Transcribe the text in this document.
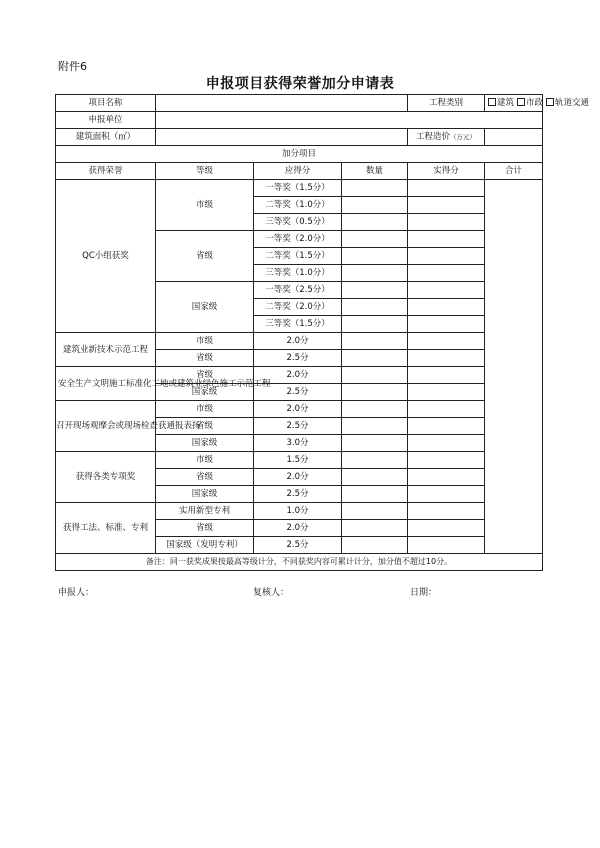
附件6
申报项目获得荣誉加分申请表
项目名称				工程类别	建筑 市政 轨道交通
申报单位					
建筑面积（㎡）				工程造价（万元）	
加分项目					
获得荣誉	等级	应得分	数量	实得分	合计
QC小组获奖	市级	一等奖（1.5分）			
		二等奖（1.0分）			
		三等奖（0.5分）			
	省级	一等奖（2.0分）			
		二等奖（1.5分）			
		三等奖（1.0分）			
	国家级	一等奖（2.5分）			
		二等奖（2.0分）			
		三等奖（1.5分）			
建筑业新技术示范工程	市级	2.0分			
	省级	2.5分			
安全生产文明施工标准化工地或建筑业绿色施工示范工程	省级	2.0分			
	国家级	2.5分			
召开现场观摩会或现场检查获通报表扬	市级	2.0分			
	省级	2.5分			
	国家级	3.0分			
获得各类专项奖	市级	1.5分			
	省级	2.0分			
	国家级	2.5分			
获得工法、标准、专利	实用新型专利	1.0分			
	省级	2.0分			
	国家级（发明专利）	2.5分			
备注：同一获奖成果按最高等级计分，不同获奖内容可累计计分，加分值不超过10分。					
申报人：	复核人：	日期：
